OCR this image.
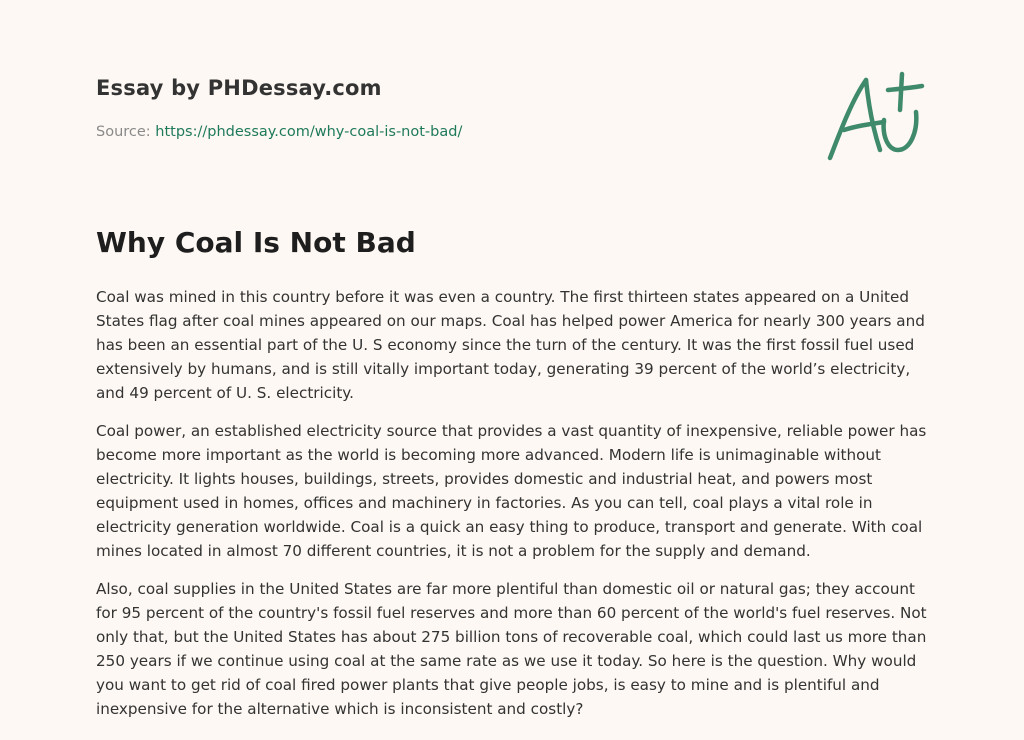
Essay by PHDessay.com
Source: https://phdessay.com/why-coal-is-not-bad/
Why Coal Is Not Bad

Coal was mined in this country before it was even a country. The first thirteen states appeared on a United States flag after coal mines appeared on our maps. Coal has helped power America for nearly 300 years and has been an essential part of the U. S economy since the turn of the century. It was the first fossil fuel used extensively by humans, and is still vitally important today, generating 39 percent of the world’s electricity, and 49 percent of U. S. electricity.

Coal power, an established electricity source that provides a vast quantity of inexpensive, reliable power has become more important as the world is becoming more advanced. Modern life is unimaginable without electricity. It lights houses, buildings, streets, provides domestic and industrial heat, and powers most equipment used in homes, offices and machinery in factories. As you can tell, coal plays a vital role in electricity generation worldwide. Coal is a quick an easy thing to produce, transport and generate. With coal mines located in almost 70 different countries, it is not a problem for the supply and demand.

Also, coal supplies in the United States are far more plentiful than domestic oil or natural gas; they account for 95 percent of the country's fossil fuel reserves and more than 60 percent of the world's fuel reserves. Not only that, but the United States has about 275 billion tons of recoverable coal, which could last us more than 250 years if we continue using coal at the same rate as we use it today. So here is the question. Why would you want to get rid of coal fired power plants that give people jobs, is easy to mine and is plentiful and inexpensive for the alternative which is inconsistent and costly?
